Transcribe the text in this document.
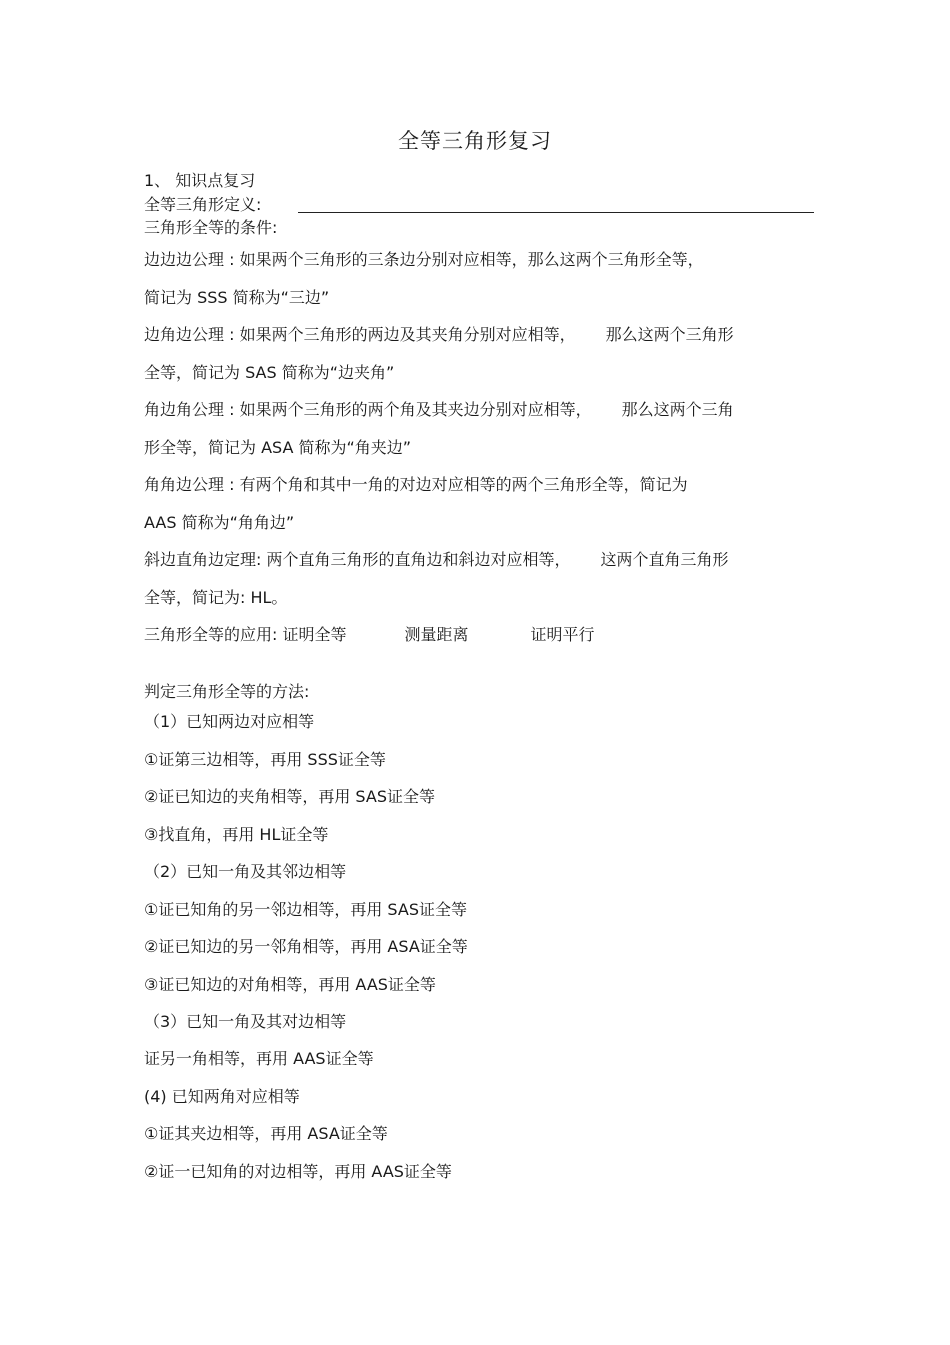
全等三角形复习
1、 知识点复习
全等三角形定义:
三角形全等的条件:
边边边公理 : 如果两个三角形的三条边分别对应相等，那么这两个三角形全等，
简记为 SSS 简称为“三边”
边角边公理 : 如果两个三角形的两边及其夹角分别对应相等， 那么这两个三角形
全等，简记为 SAS 简称为“边夹角”
角边角公理 : 如果两个三角形的两个角及其夹边分别对应相等， 那么这两个三角
形全等，简记为 ASA 简称为“角夹边”
角角边公理 : 有两个角和其中一角的对边对应相等的两个三角形全等，简记为
AAS 简称为“角角边”
斜边直角边定理: 两个直角三角形的直角边和斜边对应相等， 这两个直角三角形
全等，简记为: HL。
三角形全等的应用: 证明全等	测量距离	证明平行
判定三角形全等的方法:
（1）已知两边对应相等
①证第三边相等，再用 SSS证全等
②证已知边的夹角相等，再用 SAS证全等
③找直角，再用 HL证全等
（2）已知一角及其邻边相等
①证已知角的另一邻边相等，再用 SAS证全等
②证已知边的另一邻角相等，再用 ASA证全等
③证已知边的对角相等，再用 AAS证全等
（3）已知一角及其对边相等
证另一角相等，再用 AAS证全等
(4) 已知两角对应相等
①证其夹边相等，再用 ASA证全等
②证一已知角的对边相等，再用 AAS证全等
